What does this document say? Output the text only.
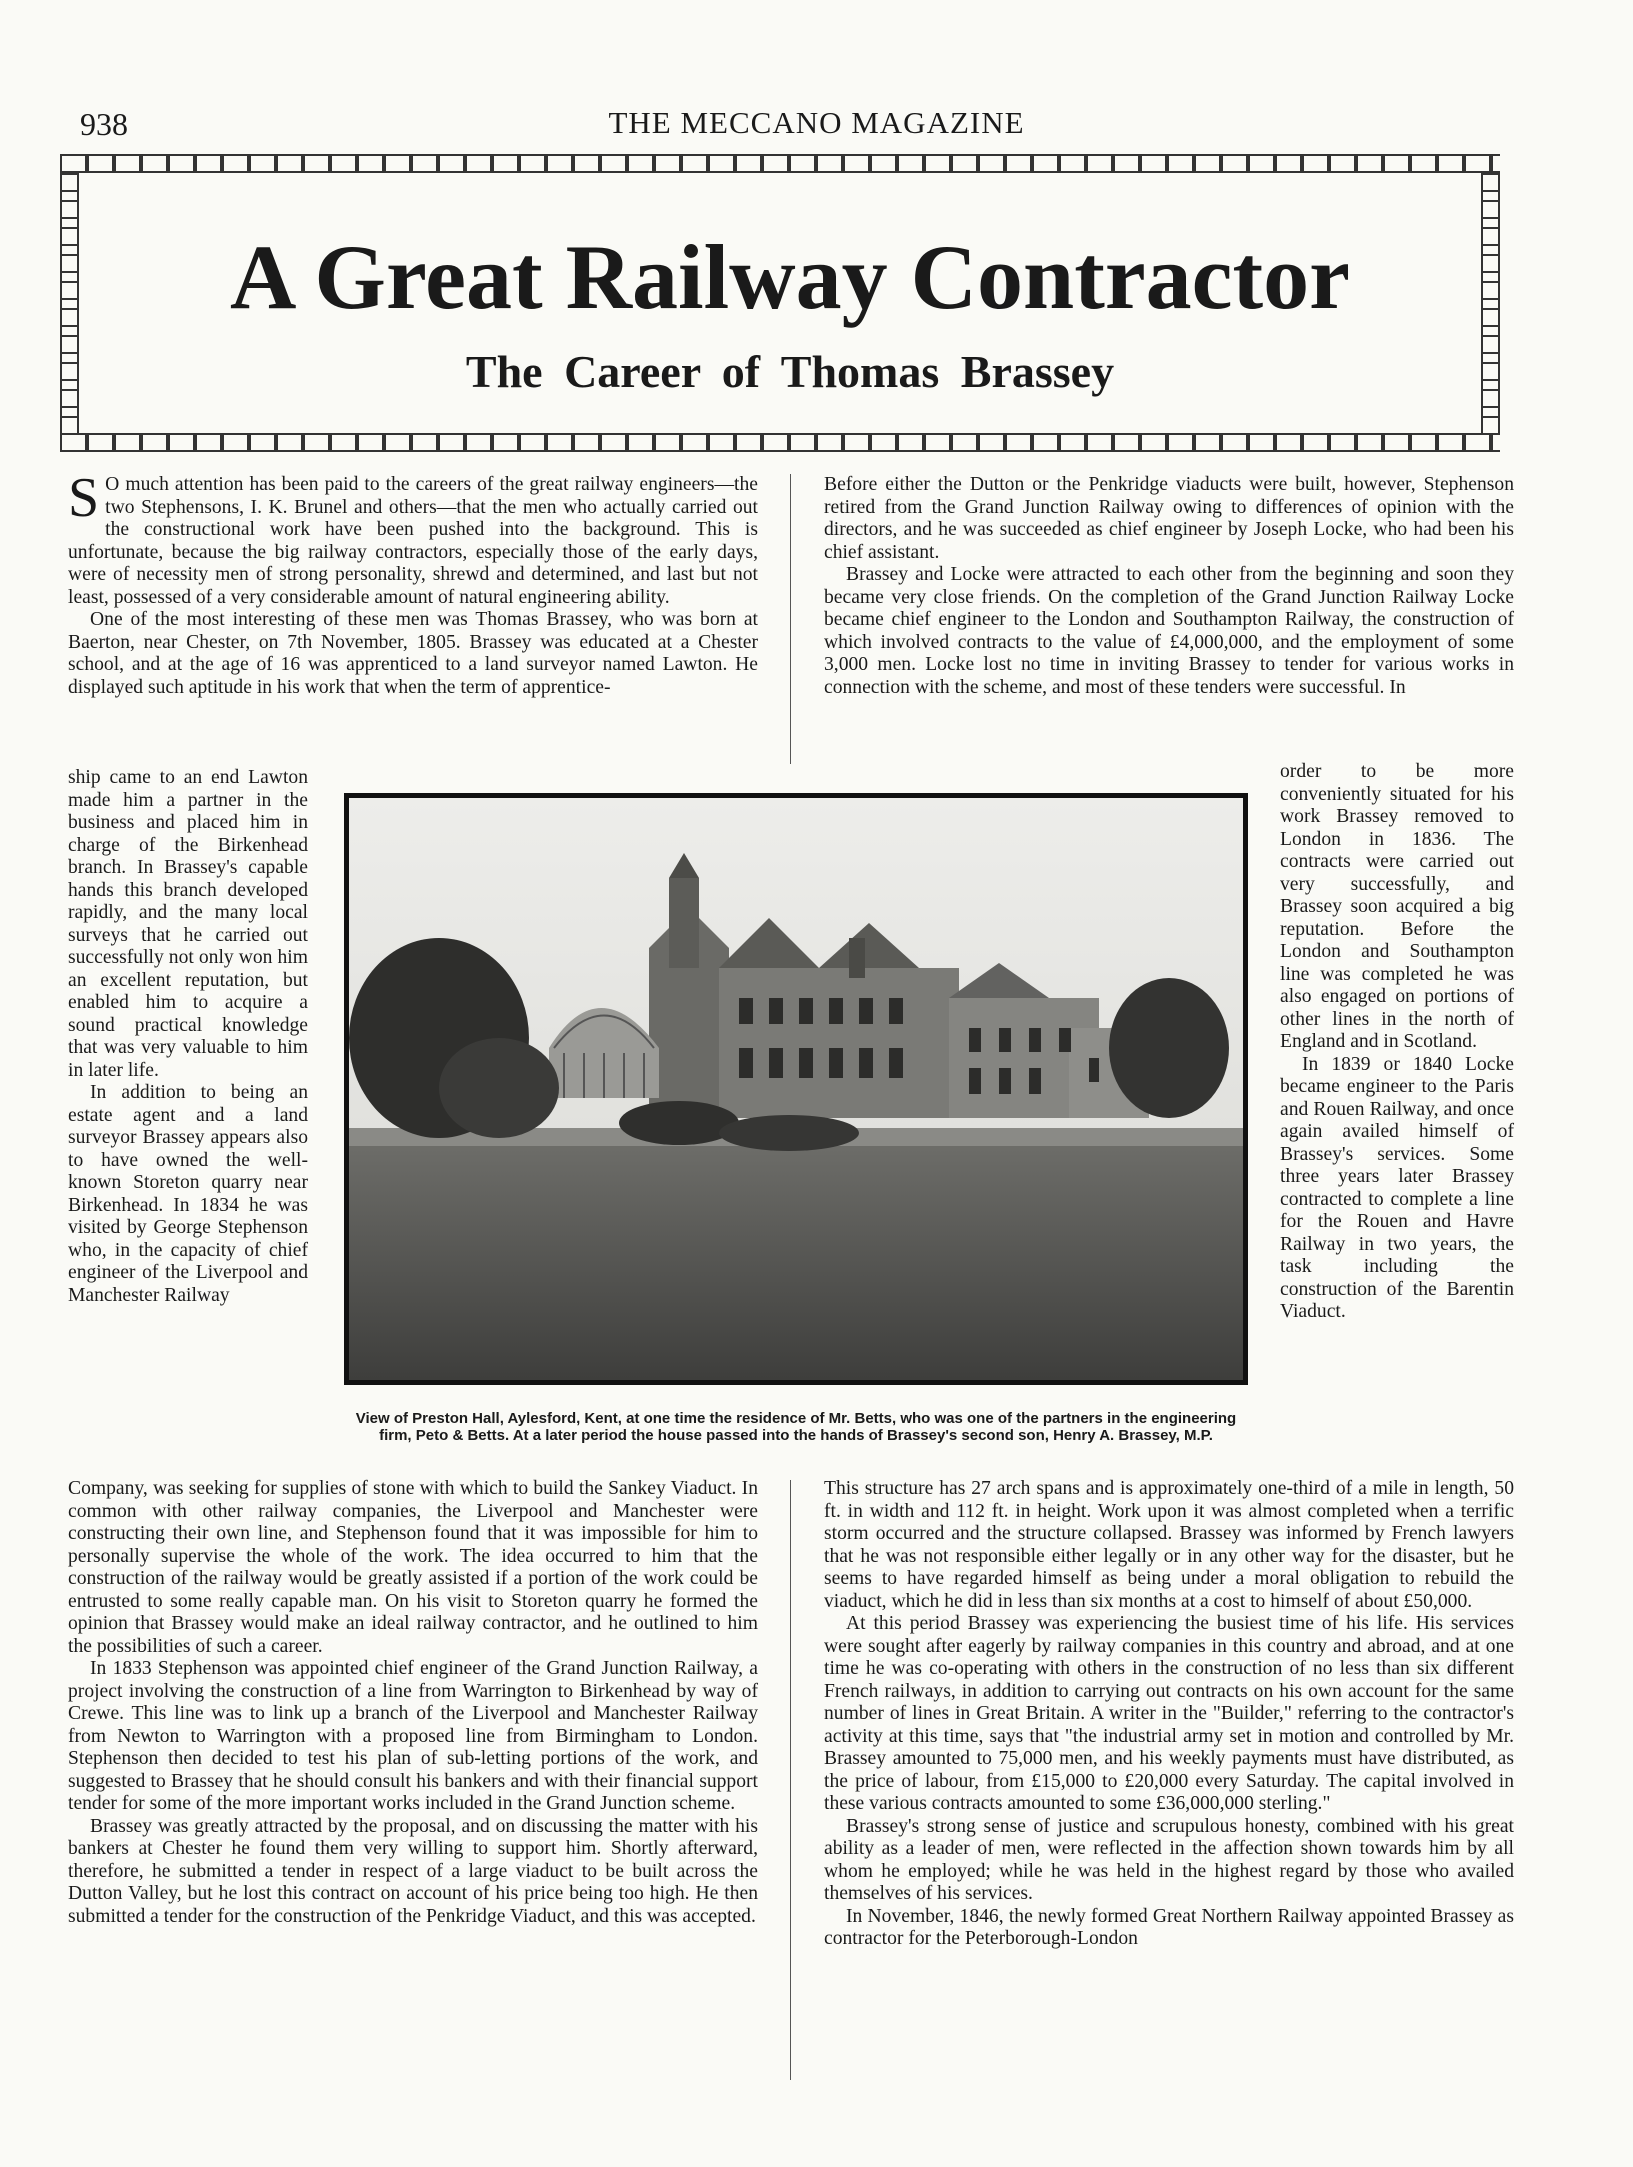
938	THE MECCANO MAGAZINE
A Great Railway Contractor
The Career of Thomas Brassey

S O much attention has been paid to the careers of the great railway engineers—the two Stephensons, I. K. Brunel and others—that the men who actually carried out the constructional work have been pushed into the background. This is unfortunate, because the big railway contractors, especially those of the early days, were of necessity men of strong personality, shrewd and determined, and last but not least, possessed of a very considerable amount of natural engineering ability.

One of the most interesting of these men was Thomas Brassey, who was born at Baerton, near Chester, on 7th November, 1805. Brassey was educated at a Chester school, and at the age of 16 was apprenticed to a land surveyor named Lawton. He displayed such aptitude in his work that when the term of apprentice-

ship came to an end Lawton made him a partner in the business and placed him in charge of the Birkenhead branch. In Brassey's capable hands this branch developed rapidly, and the many local surveys that he carried out successfully not only won him an excellent reputation, but enabled him to acquire a sound practical knowledge that was very valuable to him in later life.

In addition to being an estate agent and a land surveyor Brassey appears also to have owned the well-known Storeton quarry near Birkenhead. In 1834 he was visited by George Stephenson who, in the capacity of chief engineer of the Liverpool and Manchester Railway

Company, was seeking for supplies of stone with which to build the Sankey Viaduct. In common with other railway companies, the Liverpool and Manchester were constructing their own line, and Stephenson found that it was impossible for him to personally supervise the whole of the work. The idea occurred to him that the construction of the railway would be greatly assisted if a portion of the work could be entrusted to some really capable man. On his visit to Storeton quarry he formed the opinion that Brassey would make an ideal railway contractor, and he outlined to him the possibilities of such a career.

In 1833 Stephenson was appointed chief engineer of the Grand Junction Railway, a project involving the construction of a line from Warrington to Birkenhead by way of Crewe. This line was to link up a branch of the Liverpool and Manchester Railway from Newton to Warrington with a proposed line from Birmingham to London. Stephenson then decided to test his plan of sub-letting portions of the work, and suggested to Brassey that he should consult his bankers and with their financial support tender for some of the more important works included in the Grand Junction scheme.

Brassey was greatly attracted by the proposal, and on discussing the matter with his bankers at Chester he found them very willing to support him. Shortly afterward, therefore, he submitted a tender in respect of a large viaduct to be built across the Dutton Valley, but he lost this contract on account of his price being too high. He then submitted a tender for the construction of the Penkridge Viaduct, and this was accepted.

Before either the Dutton or the Penkridge viaducts were built, however, Stephenson retired from the Grand Junction Railway owing to differences of opinion with the directors, and he was succeeded as chief engineer by Joseph Locke, who had been his chief assistant.

Brassey and Locke were attracted to each other from the beginning and soon they became very close friends. On the completion of the Grand Junction Railway Locke became chief engineer to the London and Southampton Railway, the construction of which involved contracts to the value of £4,000,000, and the employment of some 3,000 men. Locke lost no time in inviting Brassey to tender for various works in connection with the scheme, and most of these tenders were successful. In

order to be more conveniently situated for his work Brassey removed to London in 1836. The contracts were carried out very successfully, and Brassey soon acquired a big reputation. Before the London and Southampton line was completed he was also engaged on portions of other lines in the north of England and in Scotland.

In 1839 or 1840 Locke became engineer to the Paris and Rouen Railway, and once again availed himself of Brassey's services. Some three years later Brassey contracted to complete a line for the Rouen and Havre Railway in two years, the task including the construction of the Barentin Viaduct.

This structure has 27 arch spans and is approximately one-third of a mile in length, 50 ft. in width and 112 ft. in height. Work upon it was almost completed when a terrific storm occurred and the structure collapsed. Brassey was informed by French lawyers that he was not responsible either legally or in any other way for the disaster, but he seems to have regarded himself as being under a moral obligation to rebuild the viaduct, which he did in less than six months at a cost to himself of about £50,000.

At this period Brassey was experiencing the busiest time of his life. His services were sought after eagerly by railway companies in this country and abroad, and at one time he was co-operating with others in the construction of no less than six different French railways, in addition to carrying out contracts on his own account for the same number of lines in Great Britain. A writer in the "Builder," referring to the contractor's activity at this time, says that "the industrial army set in motion and controlled by Mr. Brassey amounted to 75,000 men, and his weekly payments must have distributed, as the price of labour, from £15,000 to £20,000 every Saturday. The capital involved in these various contracts amounted to some £36,000,000 sterling."

Brassey's strong sense of justice and scrupulous honesty, combined with his great ability as a leader of men, were reflected in the affection shown towards him by all whom he employed; while he was held in the highest regard by those who availed themselves of his services.

In November, 1846, the newly formed Great Northern Railway appointed Brassey as contractor for the Peterborough-London

View of Preston Hall, Aylesford, Kent, at one time the residence of Mr. Betts, who was one of the partners in the engineering firm, Peto & Betts. At a later period the house passed into the hands of Brassey's second son, Henry A. Brassey, M.P.
